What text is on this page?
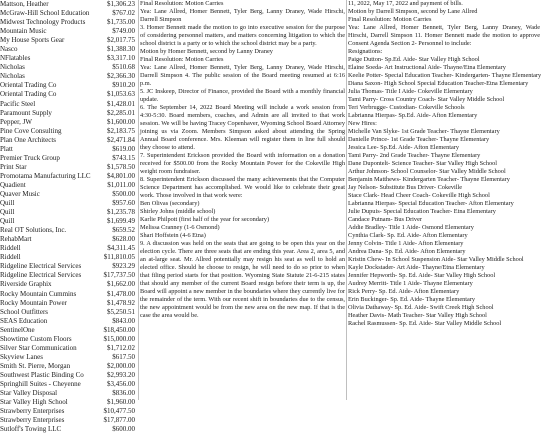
Mattson, Heather	$1,306.23
McGraw-Hill School Education	$767.02
Midwest Technology Products	$1,735.00
Mountain Music	$749.00
My House Sports Gear	$2,017.75
Nasco	$1,388.30
NFlatables	$3,317.10
Nicholas	$510.68
Nicholas	$2,366.30
Oriental Trading Co	$910.20
Oriental Trading Co	$1,053.63
Pacific Steel	$1,428.01
Paramount Supply	$2,285.01
Pepper, JW	$1,600.00
Pine Cove Consulting	$2,183.75
Plan One Architects	$2,471.84
Platt	$619.00
Premier Truck Group	$743.15
Print Star	$1,578.50
Promotama Manufacturing LLC $4,801.00
Quadient	$1,011.00
Quaver Music	$500.00
Quill	$957.60
Quill	$1,235.78
Quill	$1,699.49
Real OT Solutions, Inc.	$659.52
RehabMart	$628.00
Riddell	$4,311.45
Riddell	$11,810.05
Ridgeline Electrical Services	$923.29
Ridgeline Electrical Services	$17,737.50
Riverside Graphix	$1,662.00
Rocky Mountain Cummins	$1,478.00
Rocky Mountain Power	$1,478.92
School Outfitters	$5,250.51
SEAS Education	$843.00
SentinelOne	$18,450.00
Showtime Custom Floors	$15,000.00
Silver Star Communication	$1,712.02
Skyview Lanes	$617.50
Smith St. Pierre, Morgan	$2,000.00
Southwest Plastic Binding Co	$2,993.20
Springhill Suites - Cheyenne	$3,456.00
Star Valley Disposal	$836.00
Star Valley High School	$1,960.00
Strawberry Enterprises	$10,477.50
Strawberry Enterprises	$17,877.00
Sutloff's Towing LLC	$600.00
Final Resolution: Motion Carries
Yea: Lane Allred, Homer Bennett, Tyler Berg, Lanny Draney, Wade Hirschi, Darrell Simpson
3. Homer Bennett made the motion to go into executive session for the purpose of considering personnel matters, and matters concerning litigation to which the school district is a party or to which the school district may be a party.
Motion by Homer Bennett, second by Lanny Draney
Final Resolution: Motion Carries
Yea: Lane Allred, Homer Bennett, Tyler Berg, Lanny Draney, Wade Hirschi, Darrell Simpson 4. The public session of the Board meeting resumed at 6:16 p.m.
5. JC Inskeep, Director of Finance, provided the Board with a monthly financial update.
6. The September 14, 2022 Board Meeting will include a work session from 4:30-5:30. Board members, coaches, and Admin are all invited to that work session. We will be having Tracey Copenhaver, Wyoming School Board Attorney joining us via Zoom. Members Simpson asked about attending the Spring Annual Board conference. Mrs. Kleeman will register them in line full should they choose to attend.
7. Superintendent Erickson provided the Board with information on a donation received for $500.00 from the Rocky Mountain Power for the Cokeville High weight room fundraiser.
8. Superintendent Erickson discussed the many achievements that the Computer Science Department has accomplished. We would like to celebrate their great work. Those involved in that work were:
Ben Olivas (secondary)
Shirley Johns (middle school)
Karlie Philpott (first half of the year for secondary)
Melissa Cranney (1-6 Osmond)
Shari Hoffstein (4-6 Etna)
9. A discussion was held on the seats that are going to be open this year on the election cycle. There are three seats that are ending this year. Area 2, area 5, and an at-large seat. Mr. Allred potentially may resign his seat as well to hold an elected office. Should he choose to resign, he will need to do so prior to when that filing period starts for that position. Wyoming State Statute 21-6-215 states that should any member of the current Board resign before their term is up, the Board will appoint a new member in the boundaries where they currently live for the remainder of the term. With our recent shift in boundaries due to the census, the new appointment would be from the new area on the new map. If that is the case the area would be.
11, 2022, May 17, 2022 and payment of bills.
Motion by Darrell Simpson, second by Lane Allred
Final Resolution: Motion Carries
Yea: Lane Allred, Homer Bennett, Tyler Berg, Lanny Draney, Wade Hirschi, Darrell Simpson 11. Homer Bennett made the motion to approve Consent Agenda Section 2- Personnel to include:
Resignations:
Paige Dutton- Sp.Ed. Aide- Star Valley High School
Elaine Soeda- Art Instructional Aide- Thayne/Etna Elementary
Keelie Potter- Special Education Teacher- Kindergarten- Thayne Elementary
Diana Saxon- High School Special Education Teacher-Etna Elementary
Julia Thomas- Title I Aide- Cokeville Elementary
Tami Parry- Cross Country Coach- Star Valley Middle School
Teri Verbrugge- Custodian- Cokeville Schools
Labrianna Hierpas- Sp.Ed. Aide- Afton Elementary
New Hires:
Michelle Van Slyke- 1st Grade Teacher- Thayne Elementary
Danielle Prince- 1st Grade Teacher- Thayne Elementary
Jessica Lee- Sp.Ed. Aide- Afton Elementary
Tami Parry- 2nd Grade Teacher- Thayne Elementary
Dane Dupontelt- Science Teacher- Star Valley High School
Arthur Johnson- School Counselor- Star Valley Middle School
Benjamin Matthews- Kindergarten Teacher- Thayne Elementary
Jay Nelson- Substitute Bus Driver- Cokeville
Stace Clark- Head Cheer Coach- Cokeville High School
Labrianna Hierpas- Special Education Teacher- Afton Elementary
Julie Dupuis- Special Education Teacher- Etna Elementary
Candace Putnam- Bus Driver
Addie Bradley- Title 1 Aide- Osmond Elementary
Cynthia Clark- Sp. Ed. Aide- Afton Elementary
Jenny Colvin- Title 1 Aide- Afton Elementary
Andrea Dana- Sp. Ed. Aide- Afton Elementary
Kristin Chew- In School Suspension Aide- Star Valley Middle School
Kayle Dockstader- Art Aide- Thayne/Etna Elementary
Jennifer Hepworth- Sp. Ed. Aide- Star Valley High School
Audrey Merritt- Title 1 Aide- Thayne Elementary
Rick Perry- Sp. Ed. Aide- Afton Elementary
Erin Buckinger- Sp. Ed. Aide- Thayne Elementary
Olivia Dathaway- Sp. Ed. Aide- Swift Creek High School
Heather Davis- Math Teacher- Star Valley High School
Rachel Rasmussen- Sp. Ed. Aide- Star Valley Middle School
